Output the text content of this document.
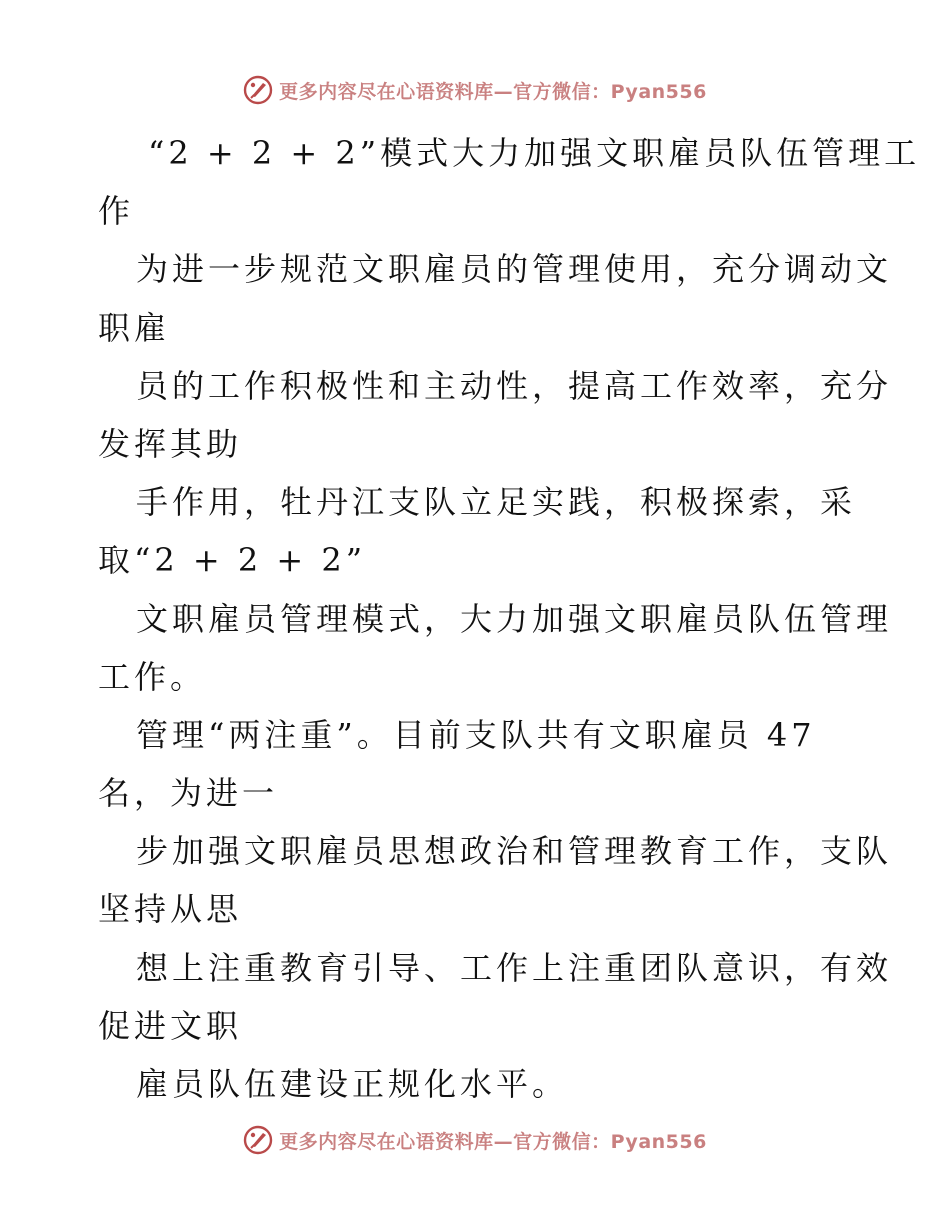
更多内容尽在心语资料库—官方微信：Pyan556
“2 + 2 + 2”模式大力加强文职雇员队伍管理工
作
为进一步规范文职雇员的管理使用，充分调动文
职雇
员的工作积极性和主动性，提高工作效率，充分
发挥其助
手作用，牡丹江支队立足实践，积极探索，采
取“2 + 2 + 2”
文职雇员管理模式，大力加强文职雇员队伍管理
工作。
管理“两注重”。目前支队共有文职雇员 47
名，为进一
步加强文职雇员思想政治和管理教育工作，支队
坚持从思
想上注重教育引导、工作上注重团队意识，有效
促进文职
雇员队伍建设正规化水平。
更多内容尽在心语资料库—官方微信：Pyan556
